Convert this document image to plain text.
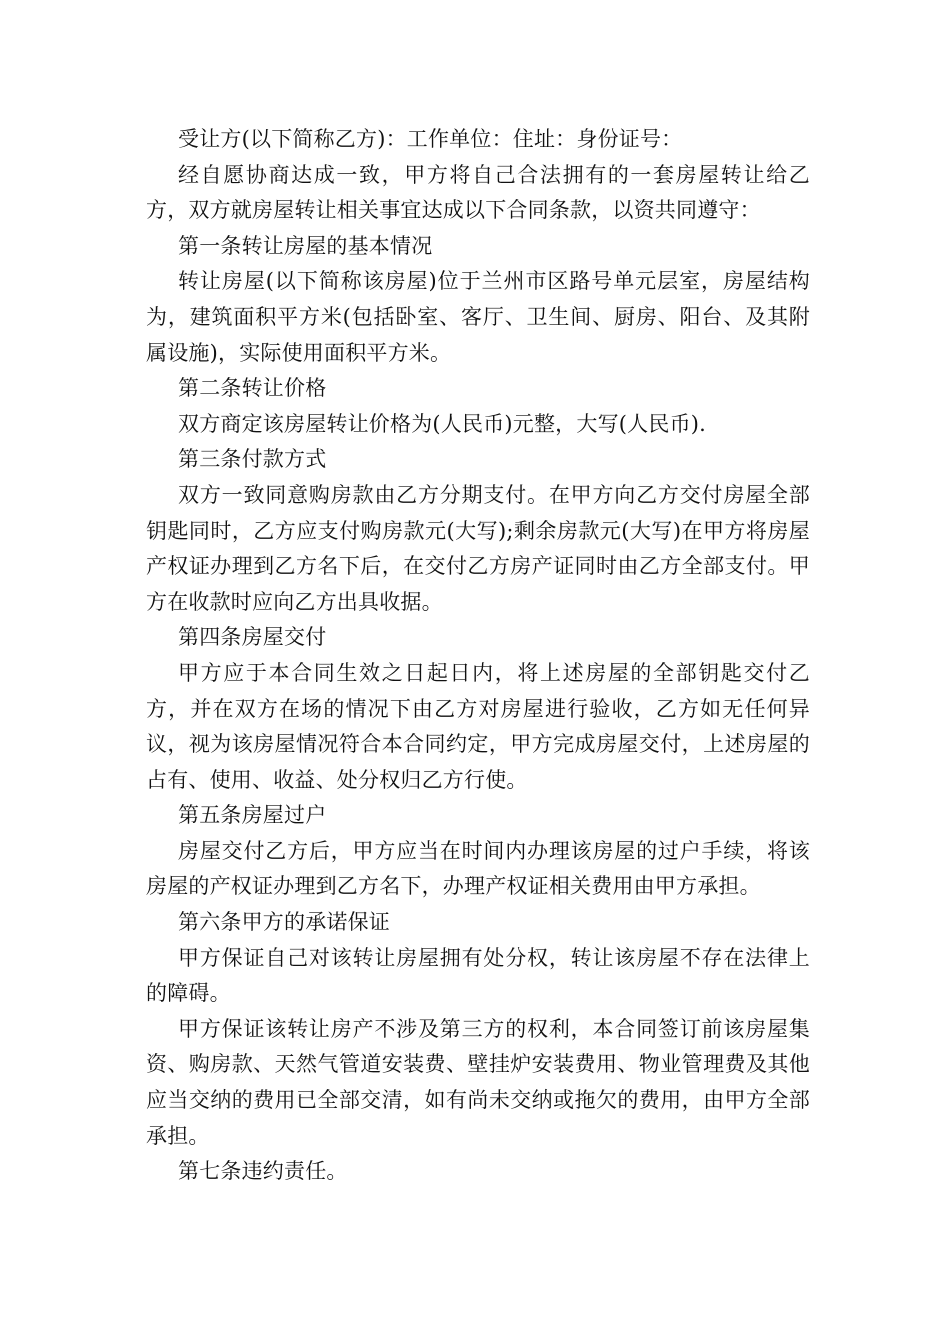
受让方(以下简称乙方)：工作单位：住址：身份证号：

经自愿协商达成一致，甲方将自己合法拥有的一套房屋转让给乙方，双方就房屋转让相关事宜达成以下合同条款，以资共同遵守：

第一条转让房屋的基本情况

转让房屋(以下简称该房屋)位于兰州市区路号单元层室，房屋结构为，建筑面积平方米(包括卧室、客厅、卫生间、厨房、阳台、及其附属设施)，实际使用面积平方米。

第二条转让价格

双方商定该房屋转让价格为(人民币)元整，大写(人民币).

第三条付款方式

双方一致同意购房款由乙方分期支付。在甲方向乙方交付房屋全部钥匙同时，乙方应支付购房款元(大写);剩余房款元(大写)在甲方将房屋产权证办理到乙方名下后，在交付乙方房产证同时由乙方全部支付。甲方在收款时应向乙方出具收据。

第四条房屋交付

甲方应于本合同生效之日起日内，将上述房屋的全部钥匙交付乙方，并在双方在场的情况下由乙方对房屋进行验收，乙方如无任何异议，视为该房屋情况符合本合同约定，甲方完成房屋交付，上述房屋的占有、使用、收益、处分权归乙方行使。

第五条房屋过户

房屋交付乙方后，甲方应当在时间内办理该房屋的过户手续，将该房屋的产权证办理到乙方名下，办理产权证相关费用由甲方承担。

第六条甲方的承诺保证

甲方保证自己对该转让房屋拥有处分权，转让该房屋不存在法律上的障碍。

甲方保证该转让房产不涉及第三方的权利，本合同签订前该房屋集资、购房款、天然气管道安装费、壁挂炉安装费用、物业管理费及其他应当交纳的费用已全部交清，如有尚未交纳或拖欠的费用，由甲方全部承担。

第七条违约责任。
